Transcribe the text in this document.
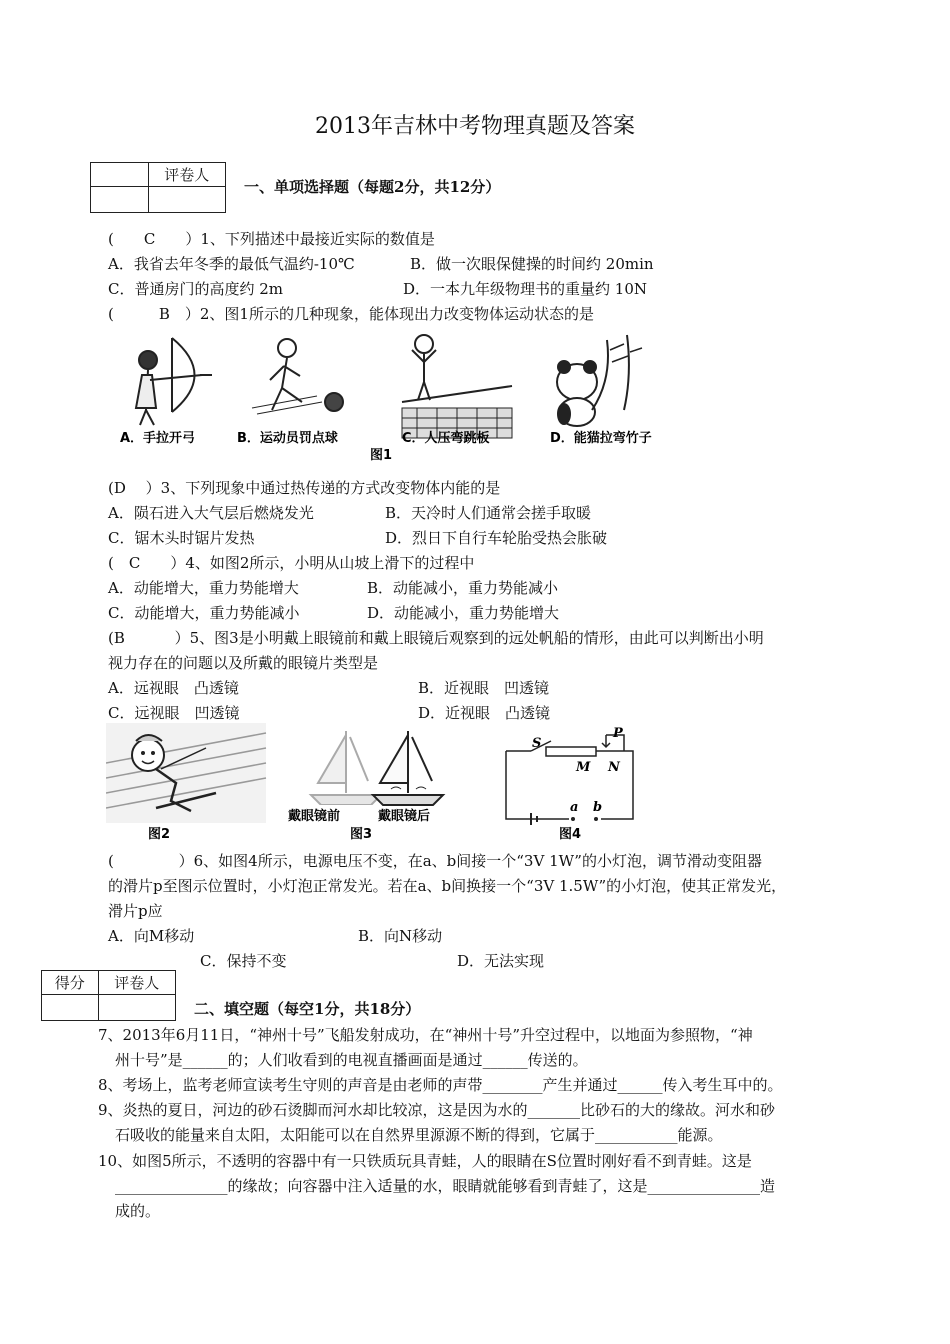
2013年吉林中考物理真题及答案
	评卷人

一、单项选择题（每题2分，共12分）
(　　C　　）1、下列描述中最接近实际的数值是
A．我省去年冬季的最低气温约-10℃	B．做一次眼保健操的时间约 20min
C．普通房门的高度约 2m	D．一本九年级物理书的重量约 10N
(　　　B　）2、图1所示的几种现象，能体现出力改变物体运动状态的是
A．手拉开弓	B．运动员罚点球	C．人压弯跳板	D．能猫拉弯竹子
图1
(D　 ）3、下列现象中通过热传递的方式改变物体内能的是
A．陨石进入大气层后燃烧发光	B．天冷时人们通常会搓手取暖
C．锯木头时锯片发热	D．烈日下自行车轮胎受热会胀破
(　C　　）4、如图2所示，小明从山坡上滑下的过程中
A．动能增大，重力势能增大	B．动能减小，重力势能减小
C．动能增大，重力势能减小	D．动能减小，重力势能增大
(B　　　 ）5、图3是小明戴上眼镜前和戴上眼镜后观察到的远处帆船的情形，由此可以判断出小明
视力存在的问题以及所戴的眼镜片类型是
A．远视眼　凸透镜	B．近视眼　凹透镜
C．远视眼　凹透镜	D．近视眼　凸透镜
图2
戴眼镜前	戴眼镜后
图3
S
P
M N
a b
图4
(　　　　 ）6、如图4所示，电源电压不变，在a、b间接一个“3V 1W”的小灯泡，调节滑动变阻器
的滑片p至图示位置时，小灯泡正常发光。若在a、b间换接一个“3V 1.5W”的小灯泡，使其正常发光，
滑片p应
A．向M移动	B．向N移动
C．保持不变	D．无法实现
得分	评卷人

二、填空题（每空1分，共18分）
7、2013年6月11日，“神州十号”飞船发射成功，在“神州十号”升空过程中，以地面为参照物，“神
州十号”是______的；人们收看到的电视直播画面是通过______传送的。
8、考场上，监考老师宣读考生守则的声音是由老师的声带________产生并通过______传入考生耳中的。
9、炎热的夏日，河边的砂石烫脚而河水却比较凉，这是因为水的_______比砂石的大的缘故。河水和砂
石吸收的能量来自太阳，太阳能可以在自然界里源源不断的得到，它属于___________能源。
10、如图5所示，不透明的容器中有一只铁质玩具青蛙，人的眼睛在S位置时刚好看不到青蛙。这是
_______________的缘故；向容器中注入适量的水，眼睛就能够看到青蛙了，这是_______________造
成的。
